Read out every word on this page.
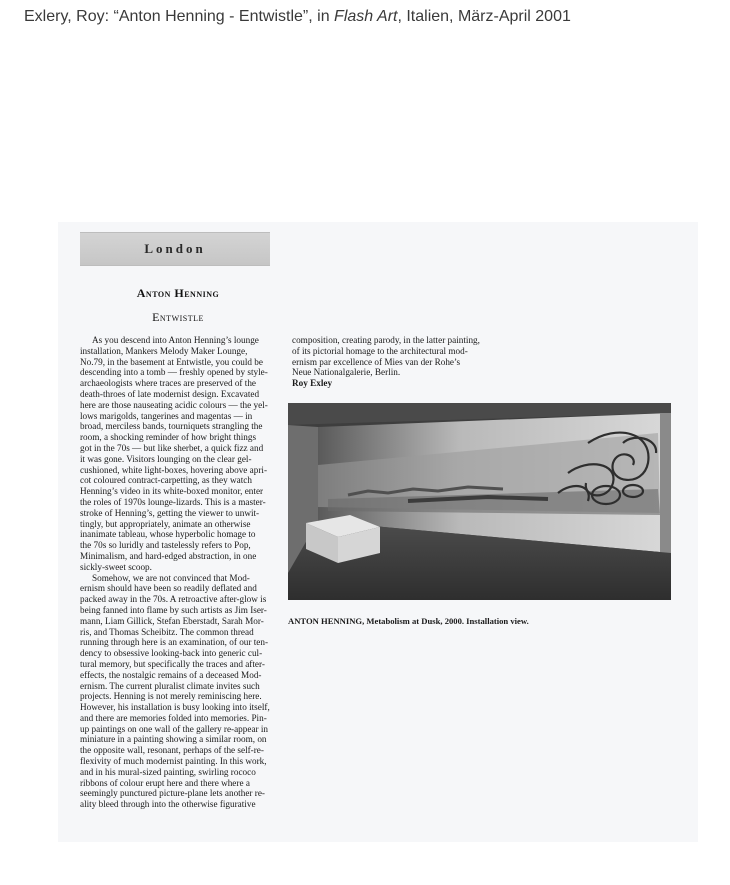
Exlery, Roy: “Anton Henning - Entwistle”, in Flash Art, Italien, März-April 2001
London
Anton Henning
Entwistle
As you descend into Anton Henning’s lounge
installation, Mankers Melody Maker Lounge,
No.79, in the basement at Entwistle, you could be
descending into a tomb — freshly opened by style-
archaeologists where traces are preserved of the
death-throes of late modernist design. Excavated
here are those nauseating acidic colours — the yel-
lows marigolds, tangerines and magentas — in
broad, merciless bands, tourniquets strangling the
room, a shocking reminder of how bright things
got in the 70s — but like sherbet, a quick fizz and
it was gone. Visitors lounging on the clear gel-
cushioned, white light-boxes, hovering above apri-
cot coloured contract-carpetting, as they watch
Henning’s video in its white-boxed monitor, enter
the roles of 1970s lounge-lizards. This is a master-
stroke of Henning’s, getting the viewer to unwit-
tingly, but appropriately, animate an otherwise
inanimate tableau, whose hyperbolic homage to
the 70s so luridly and tastelessly refers to Pop,
Minimalism, and hard-edged abstraction, in one
sickly-sweet scoop.
Somehow, we are not convinced that Mod-
ernism should have been so readily deflated and
packed away in the 70s. A retroactive after-glow is
being fanned into flame by such artists as Jim Iser-
mann, Liam Gillick, Stefan Eberstadt, Sarah Mor-
ris, and Thomas Scheibitz. The common thread
running through here is an examination, of our ten-
dency to obsessive looking-back into generic cul-
tural memory, but specifically the traces and after-
effects, the nostalgic remains of a deceased Mod-
ernism. The current pluralist climate invites such
projects. Henning is not merely reminiscing here.
However, his installation is busy looking into itself,
and there are memories folded into memories. Pin-
up paintings on one wall of the gallery re-appear in
miniature in a painting showing a similar room, on
the opposite wall, resonant, perhaps of the self-re-
flexivity of much modernist painting. In this work,
and in his mural-sized painting, swirling rococo
ribbons of colour erupt here and there where a
seemingly punctured picture-plane lets another re-
ality bleed through into the otherwise figurative
composition, creating parody, in the latter painting,
of its pictorial homage to the architectural mod-
ernism par excellence of Mies van der Rohe’s
Neue Nationalgalerie, Berlin.
Roy Exley
ANTON HENNING, Metabolism at Dusk, 2000. Installation view.
